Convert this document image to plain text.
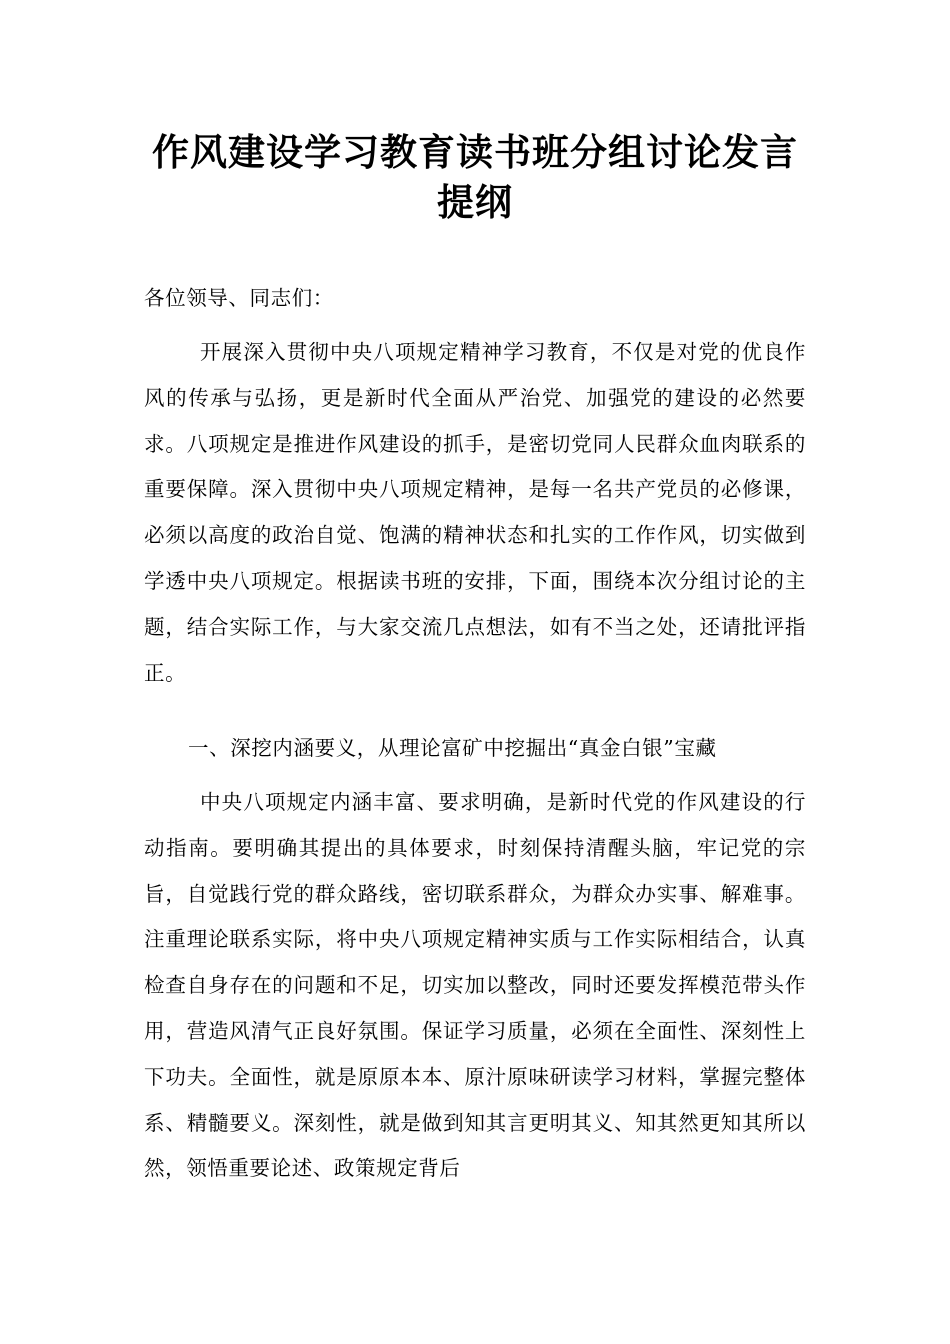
作风建设学习教育读书班分组讨论发言提纲

各位领导、同志们：

开展深入贯彻中央八项规定精神学习教育，不仅是对党的优良作风的传承与弘扬，更是新时代全面从严治党、加强党的建设的必然要求。八项规定是推进作风建设的抓手，是密切党同人民群众血肉联系的重要保障。深入贯彻中央八项规定精神，是每一名共产党员的必修课，必须以高度的政治自觉、饱满的精神状态和扎实的工作作风，切实做到学透中央八项规定。根据读书班的安排，下面，围绕本次分组讨论的主题，结合实际工作，与大家交流几点想法，如有不当之处，还请批评指正。

一、深挖内涵要义，从理论富矿中挖掘出“真金白银”宝藏

中央八项规定内涵丰富、要求明确，是新时代党的作风建设的行动指南。要明确其提出的具体要求，时刻保持清醒头脑，牢记党的宗旨，自觉践行党的群众路线，密切联系群众，为群众办实事、解难事。注重理论联系实际，将中央八项规定精神实质与工作实际相结合，认真检查自身存在的问题和不足，切实加以整改，同时还要发挥模范带头作用，营造风清气正良好氛围。保证学习质量，必须在全面性、深刻性上下功夫。全面性，就是原原本本、原汁原味研读学习材料，掌握完整体系、精髓要义。深刻性，就是做到知其言更明其义、知其然更知其所以然，领悟重要论述、政策规定背后
